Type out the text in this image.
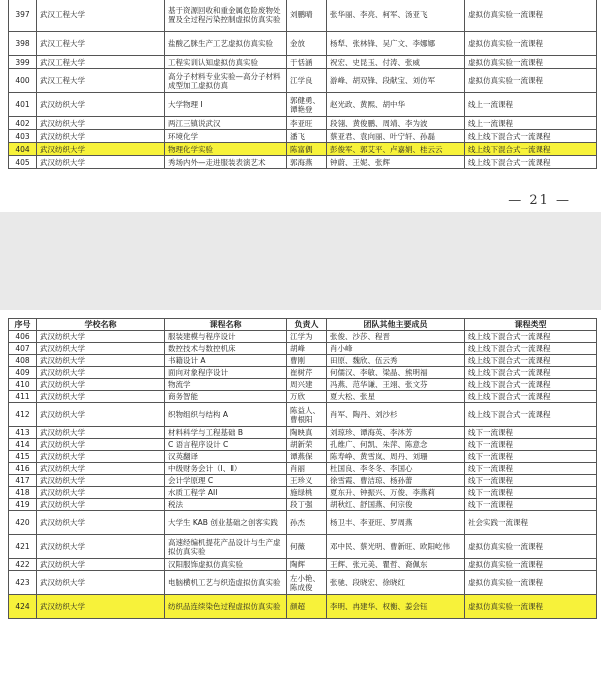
397	武汉工程大学	基于资源回收和重金属危险废物处置及全过程污染控制虚拟仿真实验	刘鹏晴	张华丽、李亮、柯军、汤亚飞	虚拟仿真实验一流课程
398	武汉工程大学	盐酸乙脒生产工艺虚拟仿真实验	金放	杨犁、张林锋、吴广文、李娜娜	虚拟仿真实验一流课程
399	武汉工程大学	工程实训认知虚拟仿真实验	于恬涵	祝宏、史昆玉、付涛、张威	虚拟仿真实验一流课程
400	武汉工程大学	高分子材料专业实验—高分子材料成型加工虚拟仿真	江学良	游峰、胡双锋、段献宝、刘仿军	虚拟仿真实验一流课程
401	武汉纺织大学	大学物理 I	郭健勇、谭艳登	赵光政、黄熙、胡中华	线上一流课程
402	武汉纺织大学	两江三镇说武汉	李亚旺	段翎、黄俊鹏、周靖、李为波	线上一流课程
403	武汉纺织大学	环境化学	潘飞	蔡亚君、袁向丽、叶宁轩、孙磊	线上线下混合式一流课程
404	武汉纺织大学	物理化学实验	陈富偶	彭俊军、郭艾平、卢嘉娟、桂云云	线上线下混合式一流课程
405	武汉纺织大学	秀场内外—走进服装表演艺术	郭海燕	钟蔚、王妮、张辉	线上线下混合式一流课程
— 21 —
序号	学校名称	课程名称	负责人	团队其他主要成员	课程类型
406	武汉纺织大学	服装建模与程序设计	江学为	张俊、沙莎、程晋	线上线下混合式一流课程
407	武汉纺织大学	数控技术与数控机床	胡峰	肖小峰	线上线下混合式一流课程
408	武汉纺织大学	书籍设计 A	曹刚	田原、魏欣、伍云秀	线上线下混合式一流课程
409	武汉纺织大学	面向对象程序设计	崔树芹	何儒汉、李敏、梁晶、熊明福	线上线下混合式一流课程
410	武汉纺织大学	物流学	周兴建	冯燕、范华谦、王翊、张文芬	线上线下混合式一流课程
411	武汉纺织大学	商务智能	万欣	夏大松、张星	线上线下混合式一流课程
412	武汉纺织大学	织物组织与结构 A	陈益人、曹根阳	肖军、陶丹、刘沙杉	线上线下混合式一流课程
413	武汉纺织大学	材料科学与工程基础 B	陶映真	刘琼珍、谭海英、李沐芳	线下一流课程
414	武汉纺织大学	C 语言程序设计 C	胡新荣	孔维广、何凯、朱萍、陈意念	线下一流课程
415	武汉纺织大学	汉英翻译	谭燕保	陈寿峥、黄雪岚、周丹、刘珊	线下一流课程
416	武汉纺织大学	中级财务会计（Ⅰ、Ⅱ）	肖丽	杜国良、李冬冬、李国心	线下一流课程
417	武汉纺织大学	会计学原理 C	王珍义	徐雪霞、曹洁琼、杨孙蕾	线下一流课程
418	武汉纺织大学	水质工程学 AII	施绿桃	夏东升、钟振兴、万俊、李燕莉	线下一流课程
419	武汉纺织大学	税法	段丁强	胡秋红、舒国燕、何宗俊	线下一流课程
420	武汉纺织大学	大学生 KAB 创业基础之创客实践	孙杰	杨卫丰、李亚旺、罗周燕	社会实践一流课程
421	武汉纺织大学	高速经编机提花产品设计与生产虚拟仿真实验	何薇	邓中民、蔡光明、曹新旺、欧阳屹伟	虚拟仿真实验一流课程
422	武汉纺织大学	汉阳服饰虚拟仿真实验	陶辉	王辉、张元美、瞿哲、裔佩东	虚拟仿真实验一流课程
423	武汉纺织大学	电脑横机工艺与织造虚拟仿真实验	左小艳、陈成俊	张驰、段晓宏、徐晓红	虚拟仿真实验一流课程
424	武汉纺织大学	纺织品连续染色过程虚拟仿真实验	颜超	李明、冉建华、权衡、姜会钰	虚拟仿真实验一流课程
